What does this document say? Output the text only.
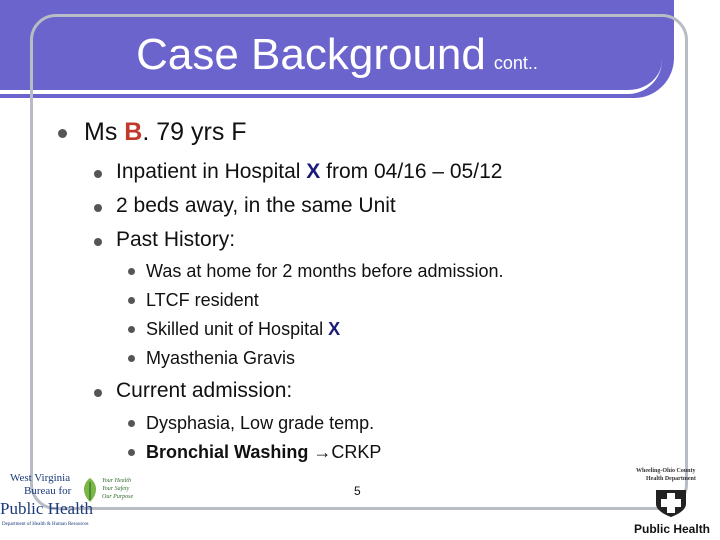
Case Background cont..
Ms B. 79 yrs F
Inpatient in Hospital X from 04/16 – 05/12
2 beds away, in the same Unit
Past History:
Was at home for 2 months before admission.
LTCF resident
Skilled unit of Hospital X
Myasthenia Gravis
Current admission:
Dysphasia, Low grade temp.
Bronchial Washing →CRKP
5
West Virginia
Bureau for
Public Health
Your Health
Your Safety
Our Purpose
Department of Health & Human Resources
Wheeling-Ohio County
Health Department
Public Health
